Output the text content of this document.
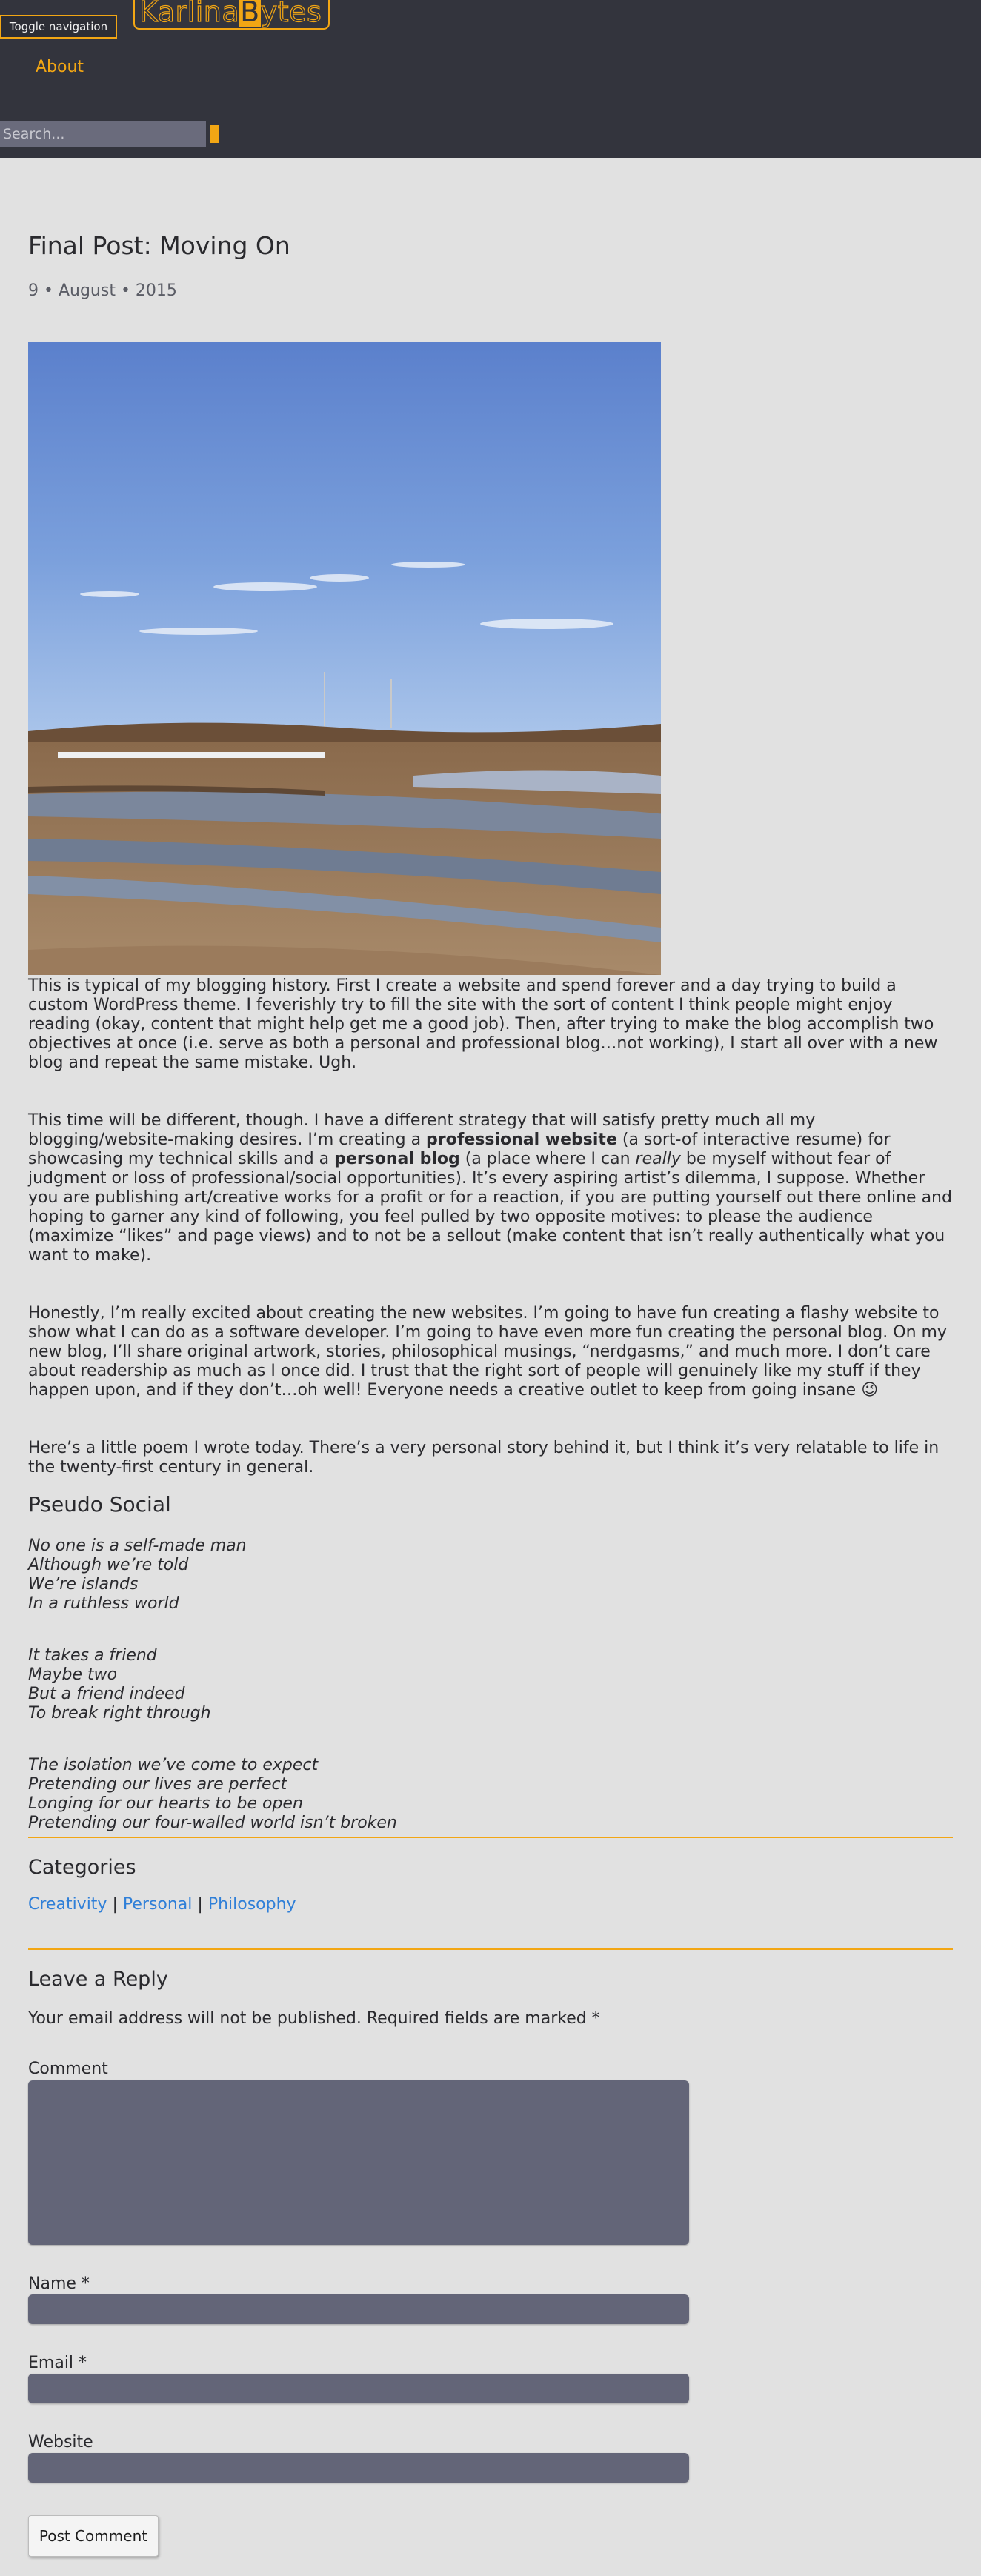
Toggle navigation	Karlina B ytes
About
Search...
Final Post: Moving On
9 • August • 2015

This is typical of my blogging history. First I create a website and spend forever and a day trying to build a custom WordPress theme. I feverishly try to fill the site with the sort of content I think people might enjoy reading (okay, content that might help get me a good job). Then, after trying to make the blog accomplish two objectives at once (i.e. serve as both a personal and professional blog…not working), I start all over with a new blog and repeat the same mistake. Ugh.

This time will be different, though. I have a different strategy that will satisfy pretty much all my blogging/website-making desires. I’m creating a professional website (a sort-of interactive resume) for showcasing my technical skills and a personal blog (a place where I can really be myself without fear of judgment or loss of professional/social opportunities). It’s every aspiring artist’s dilemma, I suppose. Whether you are publishing art/creative works for a profit or for a reaction, if you are putting yourself out there online and hoping to garner any kind of following, you feel pulled by two opposite motives: to please the audience (maximize “likes” and page views) and to not be a sellout (make content that isn’t really authentically what you want to make).

Honestly, I’m really excited about creating the new websites. I’m going to have fun creating a flashy website to show what I can do as a software developer. I’m going to have even more fun creating the personal blog. On my new blog, I’ll share original artwork, stories, philosophical musings, “nerdgasms,” and much more. I don’t care about readership as much as I once did. I trust that the right sort of people will genuinely like my stuff if they happen upon, and if they don’t…oh well! Everyone needs a creative outlet to keep from going insane 😉

Here’s a little poem I wrote today. There’s a very personal story behind it, but I think it’s very relatable to life in the twenty-first century in general.

Pseudo Social
No one is a self-made man
Although we’re told
We’re islands
In a ruthless world
It takes a friend
Maybe two
But a friend indeed
To break right through
The isolation we’ve come to expect
Pretending our lives are perfect
Longing for our hearts to be open
Pretending our four-walled world isn’t broken
Categories
Creativity | Personal | Philosophy
Leave a Reply
Your email address will not be published. Required fields are marked *
Comment
Name *
Email *
Website
Post Comment
